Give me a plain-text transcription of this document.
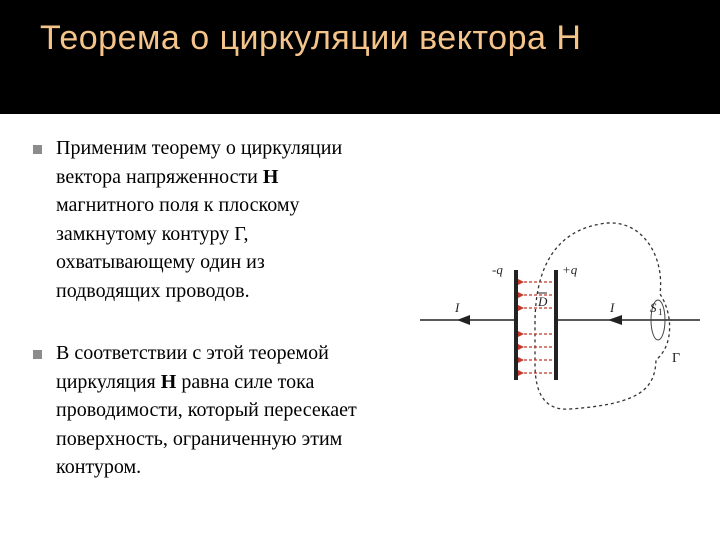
Теорема о циркуляции вектора Н
Применим теорему о циркуляции
вектора напряженности H
магнитного поля к плоскому
замкнутому контуру Г,
охватывающему один из
подводящих проводов.
В соответствии с этой теоремой
циркуляция H равна силе тока
проводимости, который пересекает
поверхность, ограниченную этим
контуром.
-q	+q
D
I	I	S 1
Г
